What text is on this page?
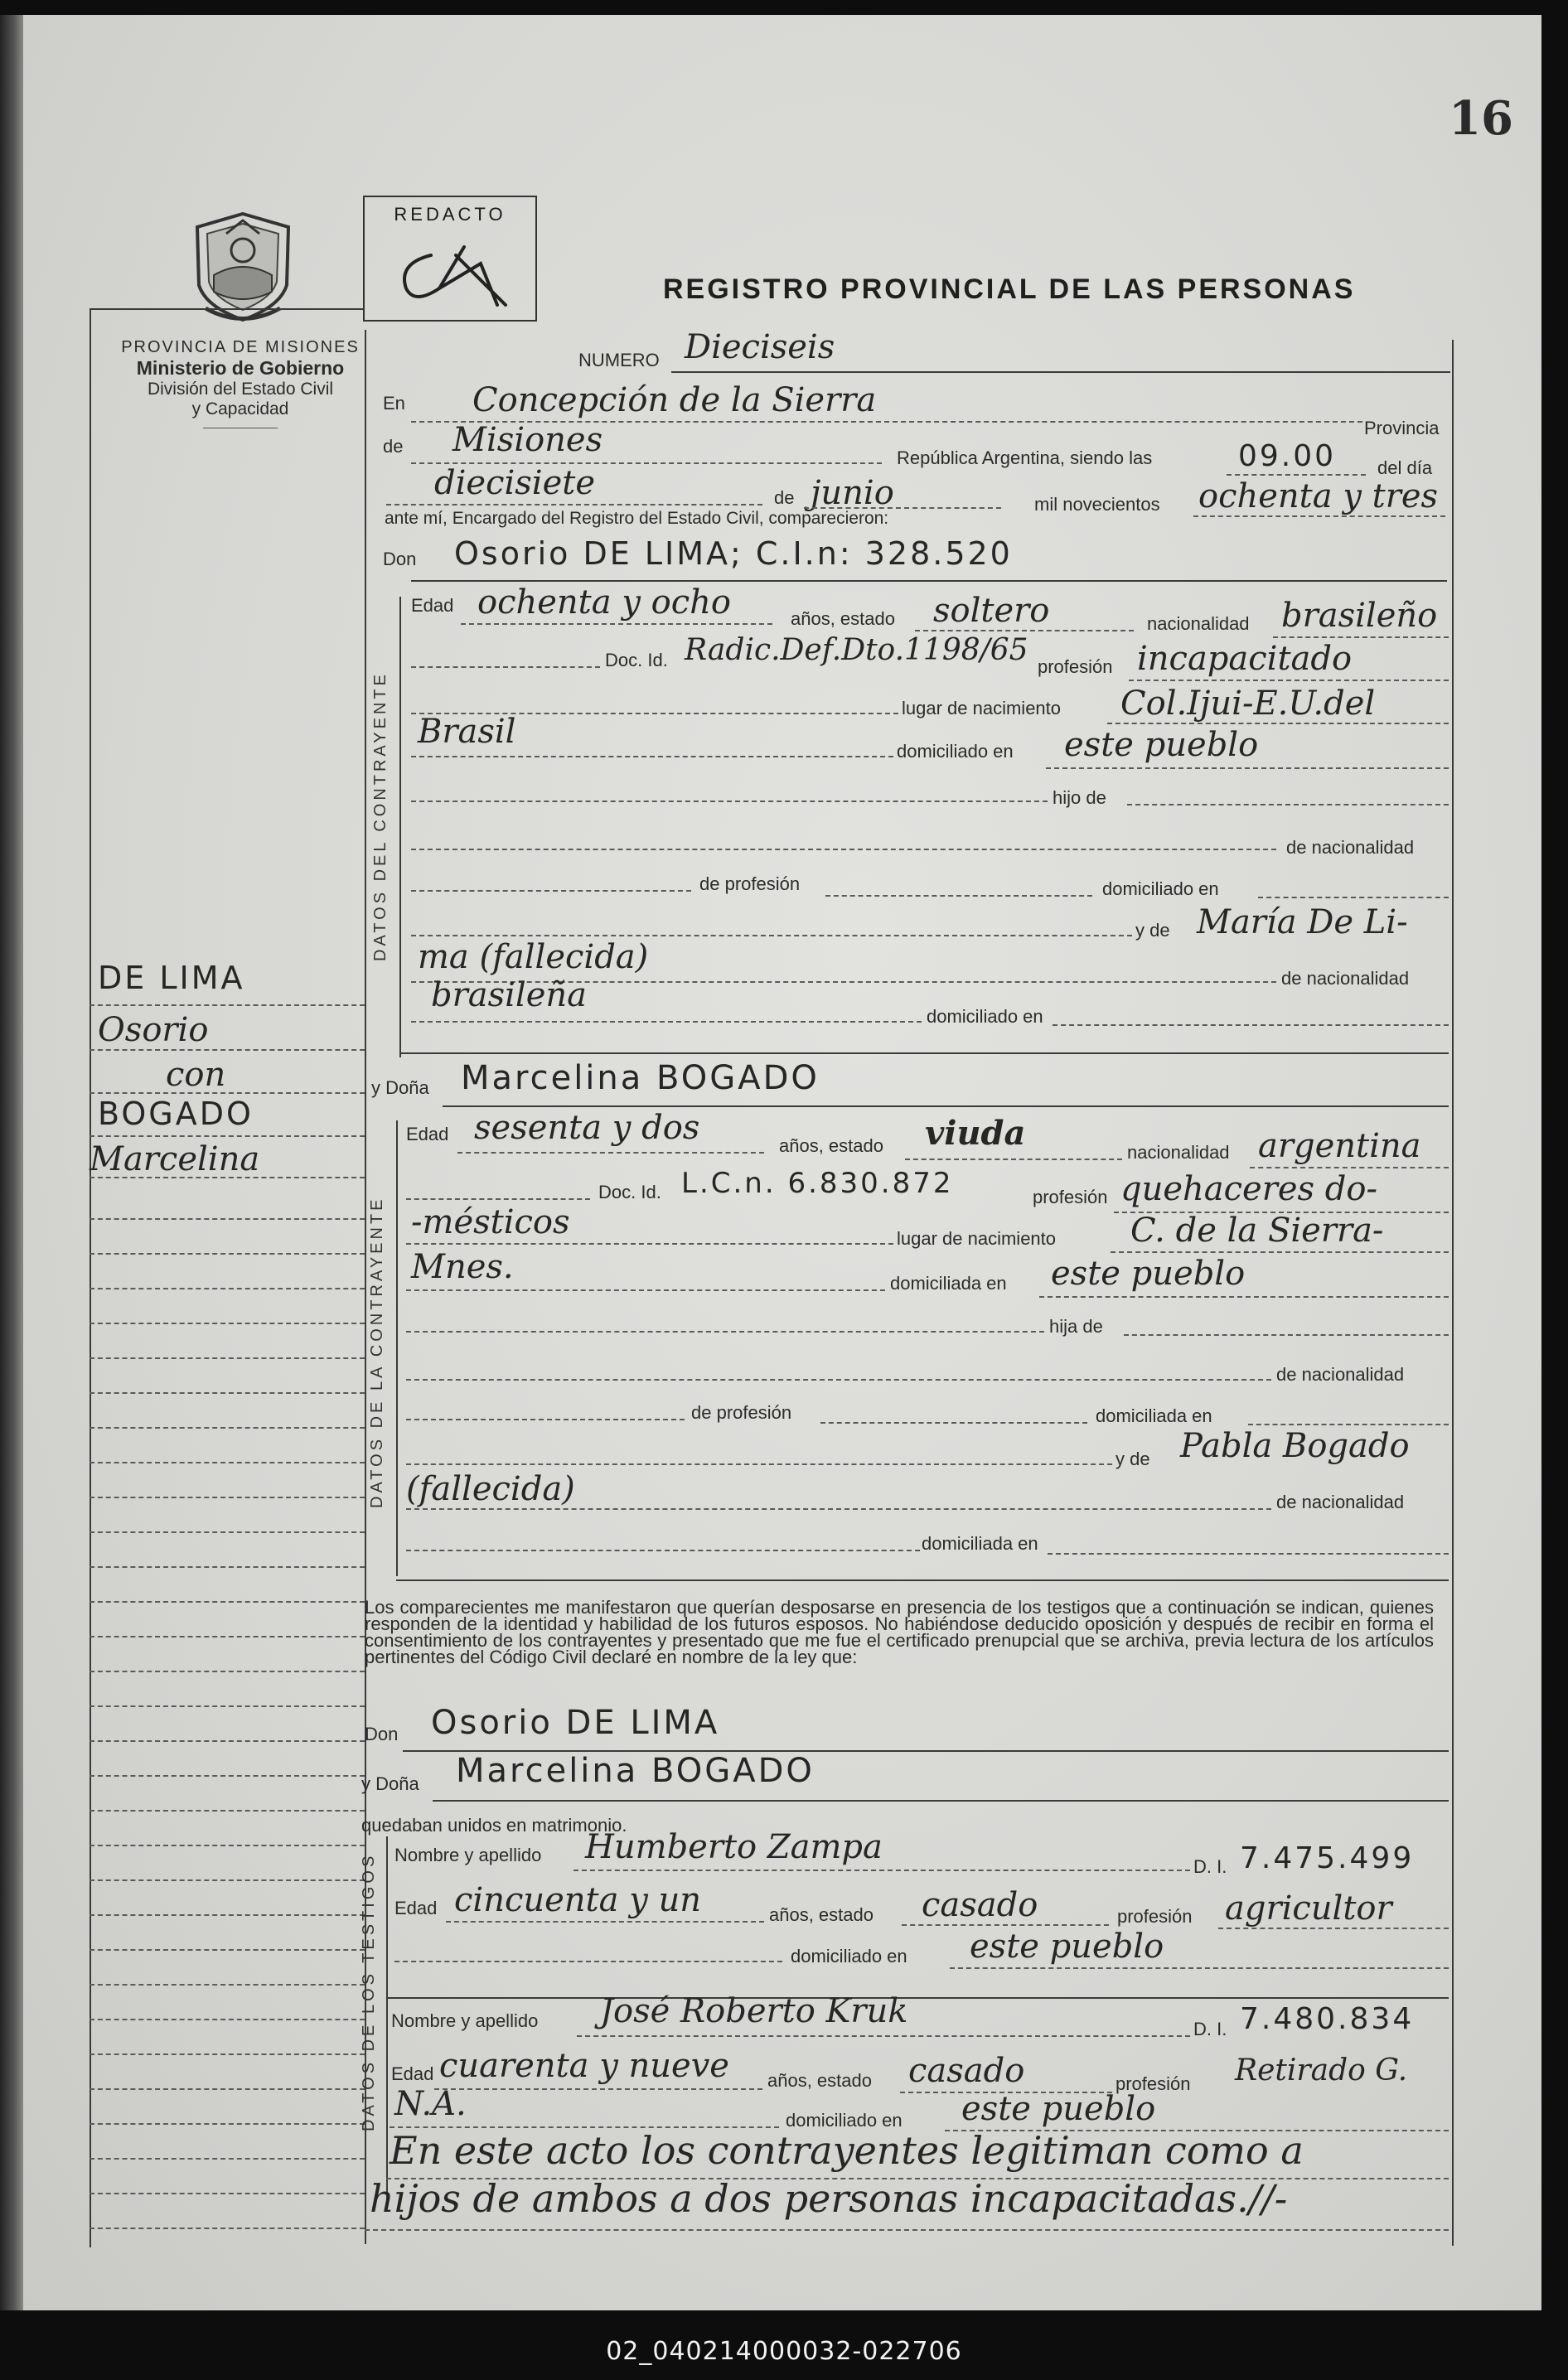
16
PROVINCIA DE MISIONES
Ministerio de Gobierno
División del Estado Civil
y Capacidad
DE LIMA
Osorio
con
BOGADO
Marcelina
REDACTO
REGISTRO PROVINCIAL DE LAS PERSONAS
NUMERO Dieciseis
En Concepción de la Sierra
Provincia
de Misiones	República Argentina, siendo las	09.00 del día
diecisiete	de junio	mil novecientos ochenta y tres
ante mí, Encargado del Registro del Estado Civil, comparecieron:
Don Osorio DE LIMA; C.I.n: 328.520
DATOS DEL CONTRAYENTE
Edad ochenta y ocho	años, estado soltero	nacionalidad brasileño
Doc. Id. Radic.Def.Dto.1198/65 profesión incapacitado
lugar de nacimiento Col.Ijui-E.U.del
Brasil
domiciliado en este pueblo
hijo de
de nacionalidad
de profesión	domiciliado en
y de María De Li-
ma (fallecida)
de nacionalidad
brasileña
domiciliado en
y Doña Marcelina BOGADO
DATOS DE LA CONTRAYENTE
Edad sesenta y dos	años, estado viuda	nacionalidad argentina
Doc. Id. L.C.n. 6.830.872	profesión quehaceres do-
-mésticos	lugar de nacimiento C. de la Sierra-
Mnes.	domiciliada en este pueblo
hija de
de nacionalidad
de profesión	domiciliada en
y de Pabla Bogado
(fallecida)	de nacionalidad
domiciliada en
Los comparecientes me manifestaron que querían desposarse en presencia de los testigos que a continuación se indican, quienes responden de la identidad y habilidad de los futuros esposos. No habiéndose deducido oposición y después de recibir en forma el consentimiento de los contrayentes y presentado que me fue el certificado prenupcial que se archiva, previa lectura de los artículos pertinentes del Código Civil declaré en nombre de la ley que:
Don Osorio DE LIMA
y Doña Marcelina BOGADO
quedaban unidos en matrimonio.
DATOS DE LOS TESTIGOS Nombre y apellido Humberto Zampa
D. I. 7.475.499
Edad cincuenta y un	años, estado casado	profesión agricultor
domiciliado en este pueblo
Nombre y apellido José Roberto Kruk	D. I. 7.480.834
Edad cuarenta y nueve años, estado casado	profesión Retirado G.
N.A.	domiciliado en este pueblo
En este acto los contrayentes legitiman como a
hijos de ambos a dos personas incapacitadas.//-
02_040214000032-022706
